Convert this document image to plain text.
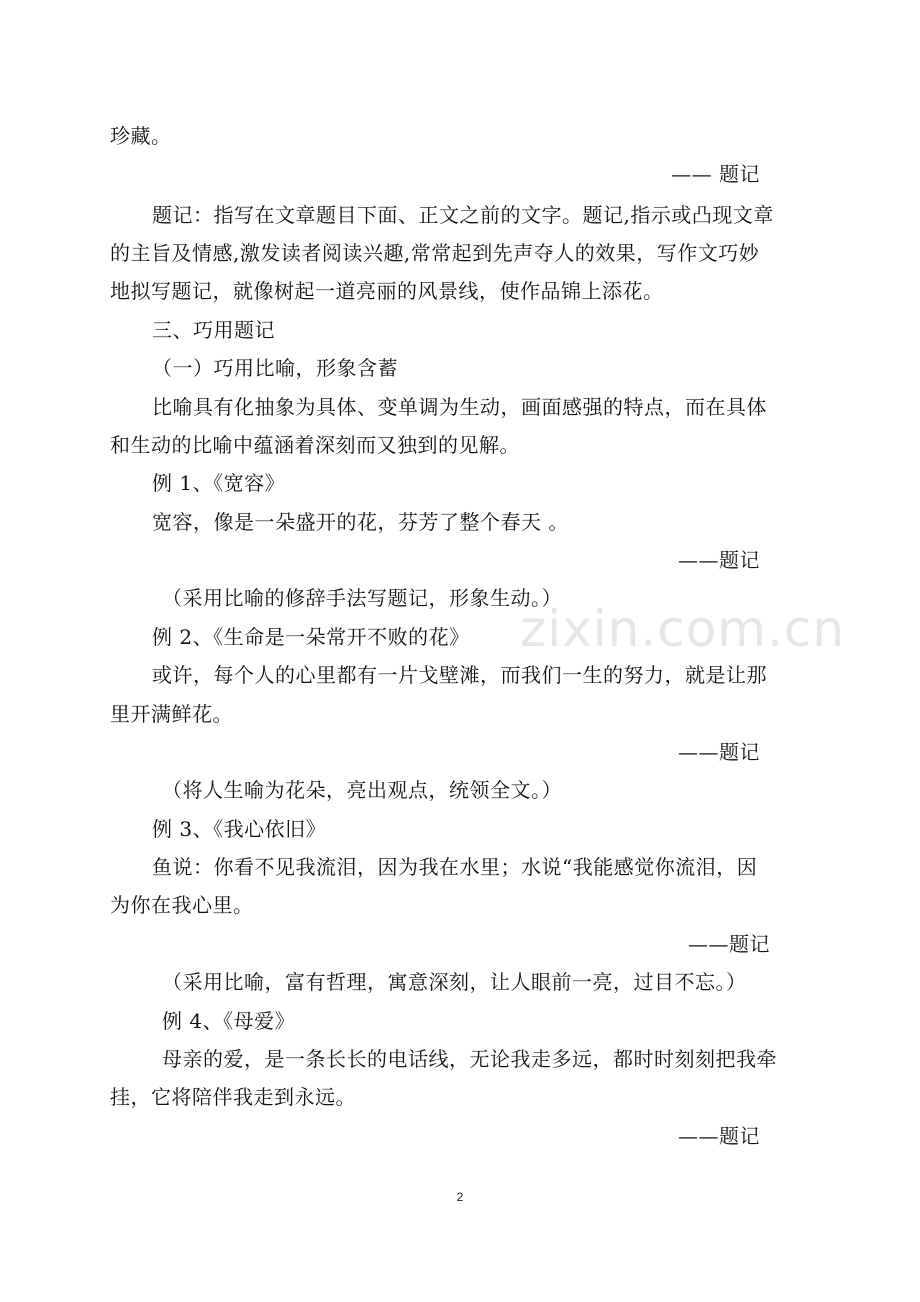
zixin.com.cn
珍藏。
—— 题记
题记：指写在文章题目下面、正文之前的文字。题记,指示或凸现文章
的主旨及情感,激发读者阅读兴趣,常常起到先声夺人的效果，写作文巧妙
地拟写题记，就像树起一道亮丽的风景线，使作品锦上添花。
三、巧用题记
（一）巧用比喻，形象含蓄
比喻具有化抽象为具体、变单调为生动，画面感强的特点，而在具体
和生动的比喻中蕴涵着深刻而又独到的见解。
例 1、《宽容》
宽容，像是一朵盛开的花，芬芳了整个春天 。
——题记
（采用比喻的修辞手法写题记，形象生动。）
例 2、《生命是一朵常开不败的花》
或许，每个人的心里都有一片戈壁滩，而我们一生的努力，就是让那
里开满鲜花。
——题记
（将人生喻为花朵，亮出观点，统领全文。）
例 3、《我心依旧》
鱼说：你看不见我流泪，因为我在水里；水说“我能感觉你流泪，因
为你在我心里。
——题记
（采用比喻，富有哲理，寓意深刻，让人眼前一亮，过目不忘。）
例 4、《母爱》
母亲的爱，是一条长长的电话线，无论我走多远，都时时刻刻把我牵
挂，它将陪伴我走到永远。
——题记
2
